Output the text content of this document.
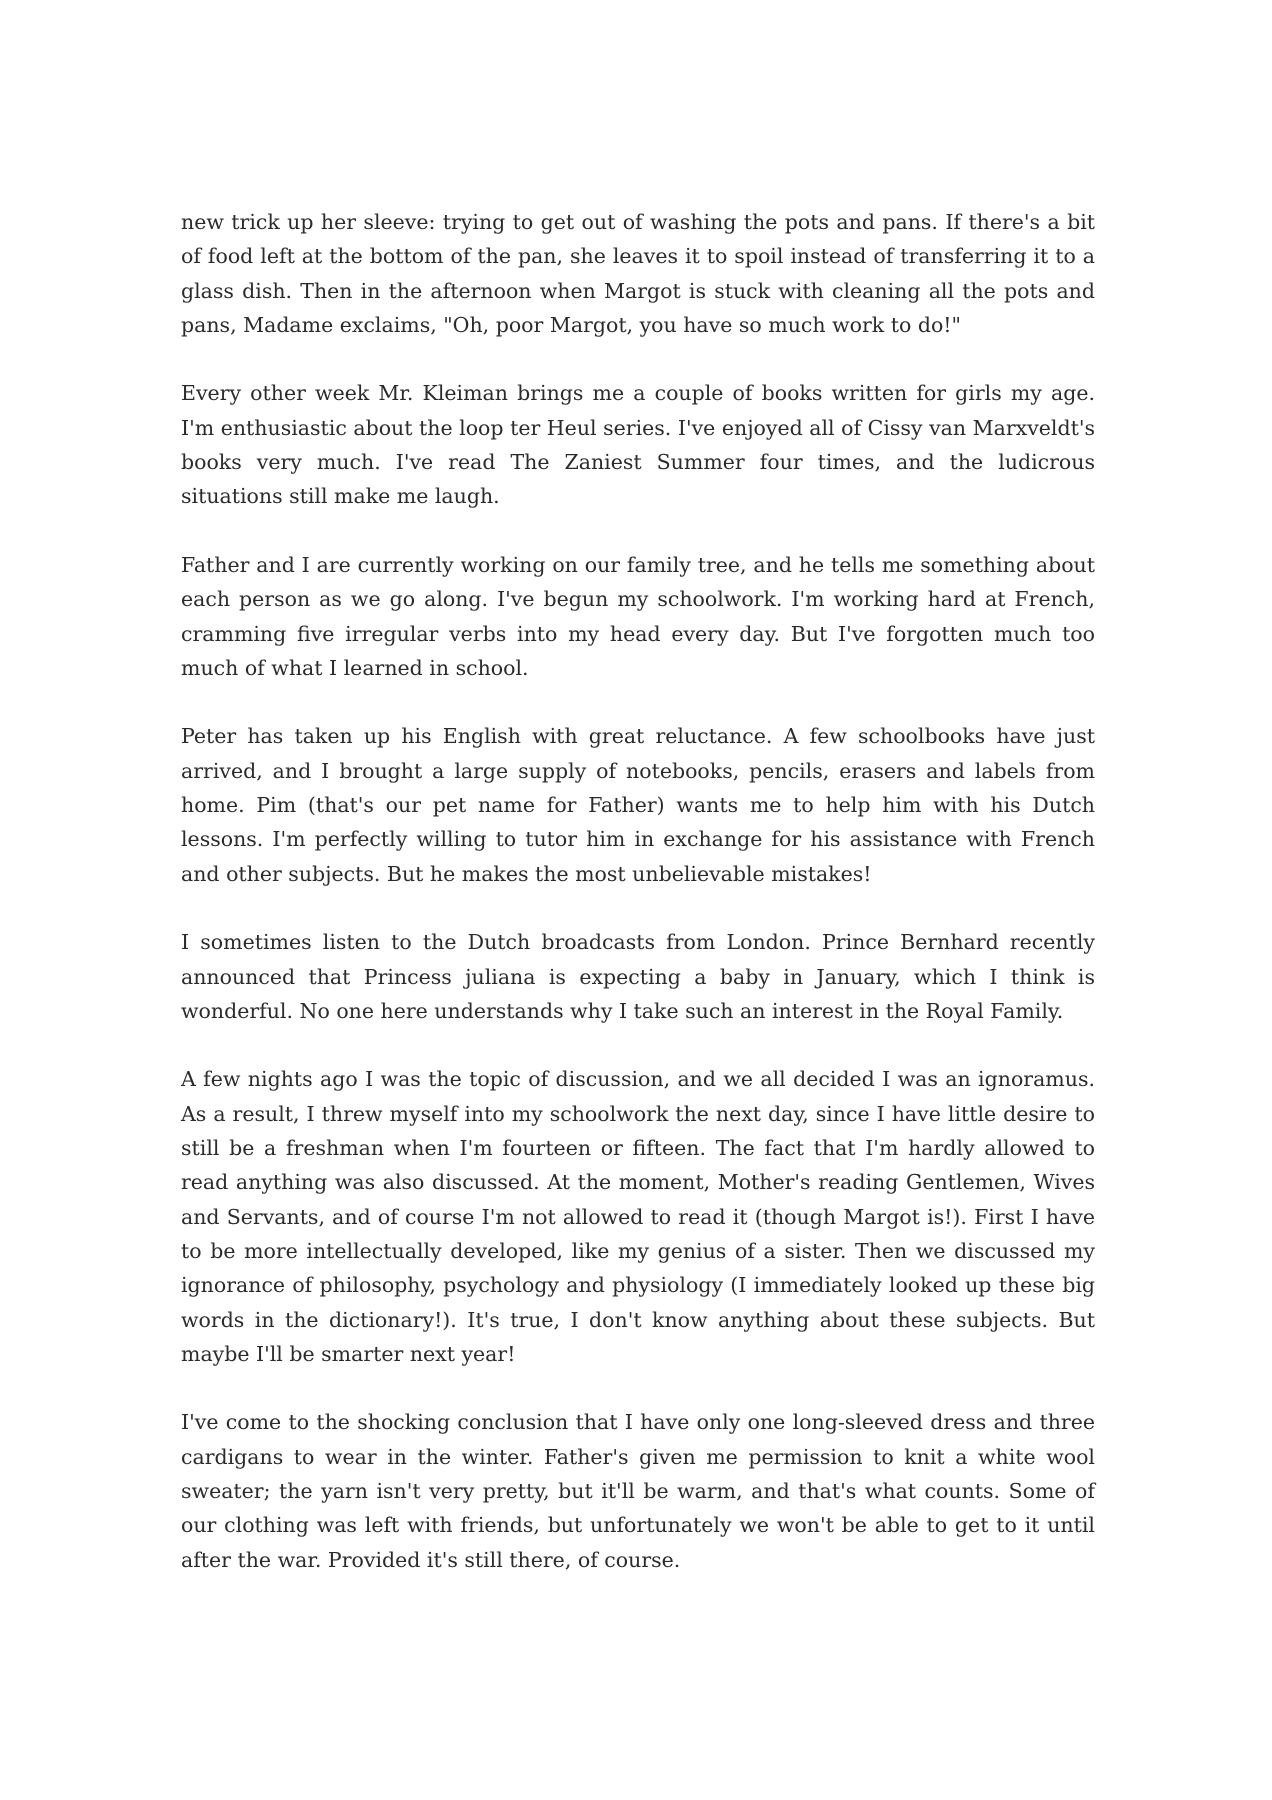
new trick up her sleeve: trying to get out of washing the pots and pans. If there's a bit of food left at the bottom of the pan, she leaves it to spoil instead of transferring it to a glass dish. Then in the afternoon when Margot is stuck with cleaning all the pots and pans, Madame exclaims, "Oh, poor Margot, you have so much work to do!"

Every other week Mr. Kleiman brings me a couple of books written for girls my age. I'm enthusiastic about the loop ter Heul series. I've enjoyed all of Cissy van Marxveldt's books very much. I've read The Zaniest Summer four times, and the ludicrous situations still make me laugh.

Father and I are currently working on our family tree, and he tells me something about each person as we go along. I've begun my schoolwork. I'm working hard at French, cramming five irregular verbs into my head every day. But I've forgotten much too much of what I learned in school.

Peter has taken up his English with great reluctance. A few schoolbooks have just arrived, and I brought a large supply of notebooks, pencils, erasers and labels from home. Pim (that's our pet name for Father) wants me to help him with his Dutch lessons. I'm perfectly willing to tutor him in exchange for his assistance with French and other subjects. But he makes the most unbelievable mistakes!

I sometimes listen to the Dutch broadcasts from London. Prince Bernhard recently announced that Princess juliana is expecting a baby in January, which I think is wonderful. No one here understands why I take such an interest in the Royal Family.

A few nights ago I was the topic of discussion, and we all decided I was an ignoramus. As a result, I threw myself into my schoolwork the next day, since I have little desire to still be a freshman when I'm fourteen or fifteen. The fact that I'm hardly allowed to read anything was also discussed. At the moment, Mother's reading Gentlemen, Wives and Servants, and of course I'm not allowed to read it (though Margot is!). First I have to be more intellectually developed, like my genius of a sister. Then we discussed my ignorance of philosophy, psychology and physiology (I immediately looked up these big words in the dictionary!). It's true, I don't know anything about these subjects. But maybe I'll be smarter next year!

I've come to the shocking conclusion that I have only one long-sleeved dress and three cardigans to wear in the winter. Father's given me permission to knit a white wool sweater; the yarn isn't very pretty, but it'll be warm, and that's what counts. Some of our clothing was left with friends, but unfortunately we won't be able to get to it until after the war. Provided it's still there, of course.
